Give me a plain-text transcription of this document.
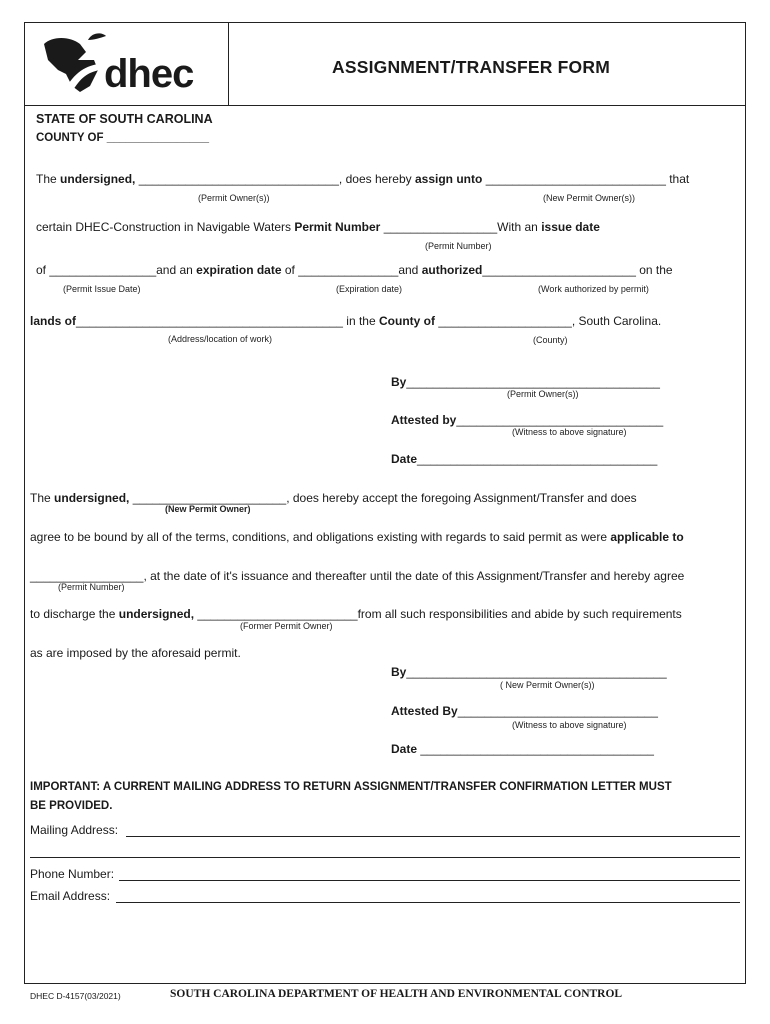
dhec	ASSIGNMENT/TRANSFER FORM
STATE OF SOUTH CAROLINA
COUNTY OF ________________
The undersigned, ______________________________, does hereby assign unto ___________________________ that
(Permit Owner(s))	(New Permit Owner(s))
certain DHEC-Construction in Navigable Waters Permit Number _________________With an issue date
(Permit Number)
of ________________and an expiration date of _______________and authorized_______________________ on the
(Permit Issue Date)	(Expiration date)	(Work authorized by permit)
lands of________________________________________ in the County of ____________________, South Carolina.
(Address/location of work)	(County)
By______________________________________
(Permit Owner(s))
Attested by_______________________________
(Witness to above signature)
Date____________________________________
The undersigned, _______________________, does hereby accept the foregoing Assignment/Transfer and does
(New Permit Owner)
agree to be bound by all of the terms, conditions, and obligations existing with regards to said permit as were applicable to
_________________, at the date of it's issuance and thereafter until the date of this Assignment/Transfer and hereby agree
(Permit Number)
to discharge the undersigned, ________________________from all such responsibilities and abide by such requirements
(Former Permit Owner)
as are imposed by the aforesaid permit.
By_______________________________________
( New Permit Owner(s))
Attested By______________________________
(Witness to above signature)
Date ___________________________________
IMPORTANT: A CURRENT MAILING ADDRESS TO RETURN ASSIGNMENT/TRANSFER CONFIRMATION LETTER MUST
BE PROVIDED.
Mailing Address:
Phone Number:
Email Address:
DHEC D-4157(03/2021)	SOUTH CAROLINA DEPARTMENT OF HEALTH AND ENVIRONMENTAL CONTROL
